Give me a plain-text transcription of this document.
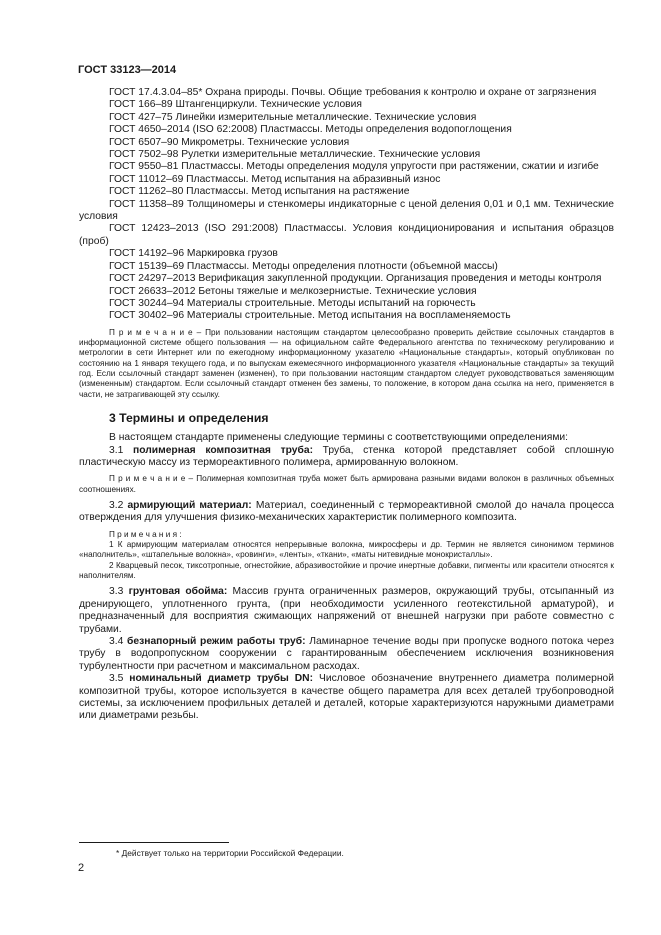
ГОСТ 33123—2014

ГОСТ 17.4.3.04–85* Охрана природы. Почвы. Общие требования к контролю и охране от загрязнения

ГОСТ 166–89 Штангенциркули. Технические условия

ГОСТ 427–75 Линейки измерительные металлические. Технические условия

ГОСТ 4650–2014 (ISO 62:2008) Пластмассы. Методы определения водопоглощения

ГОСТ 6507–90 Микрометры. Технические условия

ГОСТ 7502–98 Рулетки измерительные металлические. Технические условия

ГОСТ 9550–81 Пластмассы. Методы определения модуля упругости при растяжении, сжатии и изгибе

ГОСТ 11012–69 Пластмассы. Метод испытания на абразивный износ

ГОСТ 11262–80 Пластмассы. Метод испытания на растяжение

ГОСТ 11358–89 Толщиномеры и стенкомеры индикаторные с ценой деления 0,01 и 0,1 мм. Технические условия

ГОСТ 12423–2013 (ISO 291:2008) Пластмассы. Условия кондиционирования и испытания образцов (проб)

ГОСТ 14192–96 Маркировка грузов

ГОСТ 15139–69 Пластмассы. Методы определения плотности (объемной массы)

ГОСТ 24297–2013 Верификация закупленной продукции. Организация проведения и методы контроля

ГОСТ 26633–2012 Бетоны тяжелые и мелкозернистые. Технические условия

ГОСТ 30244–94 Материалы строительные. Методы испытаний на горючесть

ГОСТ 30402–96 Материалы строительные. Метод испытания на воспламеняемость

П р и м е ч а н и е – При пользовании настоящим стандартом целесообразно проверить действие ссылочных стандартов в информационной системе общего пользования — на официальном сайте Федерального агентства по техническому регулированию и метрологии в сети Интернет или по ежегодному информационному указателю «Национальные стандарты», который опубликован по состоянию на 1 января текущего года, и по выпускам ежемесячного информационного указателя «Национальные стандарты» за текущий год. Если ссылочный стандарт заменен (изменен), то при пользовании настоящим стандартом следует руководствоваться заменяющим (измененным) стандартом. Если ссылочный стандарт отменен без замены, то положение, в котором дана ссылка на него, применяется в части, не затрагивающей эту ссылку.

3 Термины и определения

В настоящем стандарте применены следующие термины с соответствующими определениями:

3.1 полимерная композитная труба: Труба, стенка которой представляет собой сплошную пластическую массу из термореактивного полимера, армированную волокном.

П р и м е ч а н и е – Полимерная композитная труба может быть армирована разными видами волокон в различных объемных соотношениях.

3.2 армирующий материал: Материал, соединенный с термореактивной смолой до начала процесса отверждения для улучшения физико-механических характеристик полимерного композита.

П р и м е ч а н и я :

1 К армирующим материалам относятся непрерывные волокна, микросферы и др. Термин не является синонимом терминов «наполнитель», «штапельные волокна», «ровинги», «ленты», «ткани», «маты нитевидные монокристаллы».

2 Кварцевый песок, тиксотропные, огнестойкие, абразивостойкие и прочие инертные добавки, пигменты или красители относятся к наполнителям.

3.3 грунтовая обойма: Массив грунта ограниченных размеров, окружающий трубы, отсыпанный из дренирующего, уплотненного грунта, (при необходимости усиленного геотекстильной арматурой), и предназначенный для восприятия сжимающих напряжений от внешней нагрузки при работе совместно с трубами.

3.4 безнапорный режим работы труб: Ламинарное течение воды при пропуске водного потока через трубу в водопропускном сооружении с гарантированным обеспечением исключения возникновения турбулентности при расчетном и максимальном расходах.

3.5 номинальный диаметр трубы DN: Числовое обозначение внутреннего диаметра полимерной композитной трубы, которое используется в качестве общего параметра для всех деталей трубопроводной системы, за исключением профильных деталей и деталей, которые характеризуются наружными диаметрами или диаметрами резьбы.

* Действует только на территории Российской Федерации.
2
